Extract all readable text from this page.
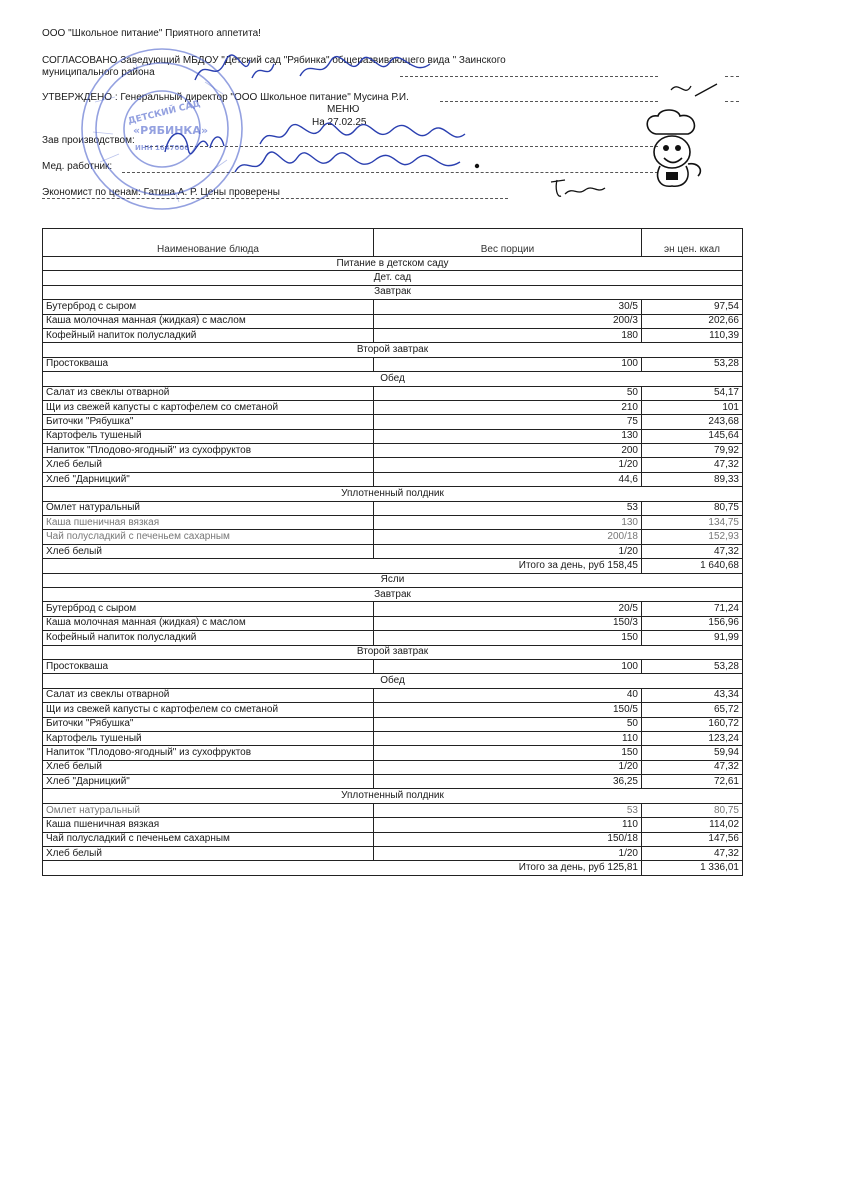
ООО "Школьное питание" Приятного аппетита!
СОГЛАСОВАНО Заведующий МБДОУ "Детский сад "Рябинка" общеразвивающего вида " Заинского
муниципального района
УТВЕРЖДЕНО : Генеральный директор "ООО Школьное питание" Мусина Р.И.
МЕНЮ
На 27.02.25
Зав производством:
Мед. работник:
Экономист по ценам: Гатина А. Р. Цены проверены
ДЕТСКИЙ САД
«РЯБИНКА»
ИНН 1647006
Наименование блюда	Вес порции	эн цен. ккал
Питание в детском саду		
Дет. сад		
Завтрак		
Бутерброд с сыром	30/5	97,54
Каша молочная манная (жидкая) с маслом	200/3	202,66
Кофейный напиток полусладкий	180	110,39
Второй завтрак		
Простокваша	100	53,28
Обед		
Салат из свеклы отварной	50	54,17
Щи из свежей капусты с картофелем со сметаной	210	101
Биточки "Рябушка"	75	243,68
Картофель тушеный	130	145,64
Напиток "Плодово-ягодный" из сухофруктов	200	79,92
Хлеб белый	1/20	47,32
Хлеб "Дарницкий"	44,6	89,33
Уплотненный полдник		
Омлет натуральный	53	80,75
Каша пшеничная вязкая	130	134,75
Чай полусладкий с печеньем сахарным	200/18	152,93
Хлеб белый	1/20	47,32
Итого за день, руб 158,45		1 640,68
Ясли		
Завтрак		
Бутерброд с сыром	20/5	71,24
Каша молочная манная (жидкая) с маслом	150/3	156,96
Кофейный напиток полусладкий	150	91,99
Второй завтрак		
Простокваша	100	53,28
Обед		
Салат из свеклы отварной	40	43,34
Щи из свежей капусты с картофелем со сметаной	150/5	65,72
Биточки "Рябушка"	50	160,72
Картофель тушеный	110	123,24
Напиток "Плодово-ягодный" из сухофруктов	150	59,94
Хлеб белый	1/20	47,32
Хлеб "Дарницкий"	36,25	72,61
Уплотненный полдник		
Омлет натуральный	53	80,75
Каша пшеничная вязкая	110	114,02
Чай полусладкий с печеньем сахарным	150/18	147,56
Хлеб белый	1/20	47,32
Итого за день, руб 125,81		1 336,01
